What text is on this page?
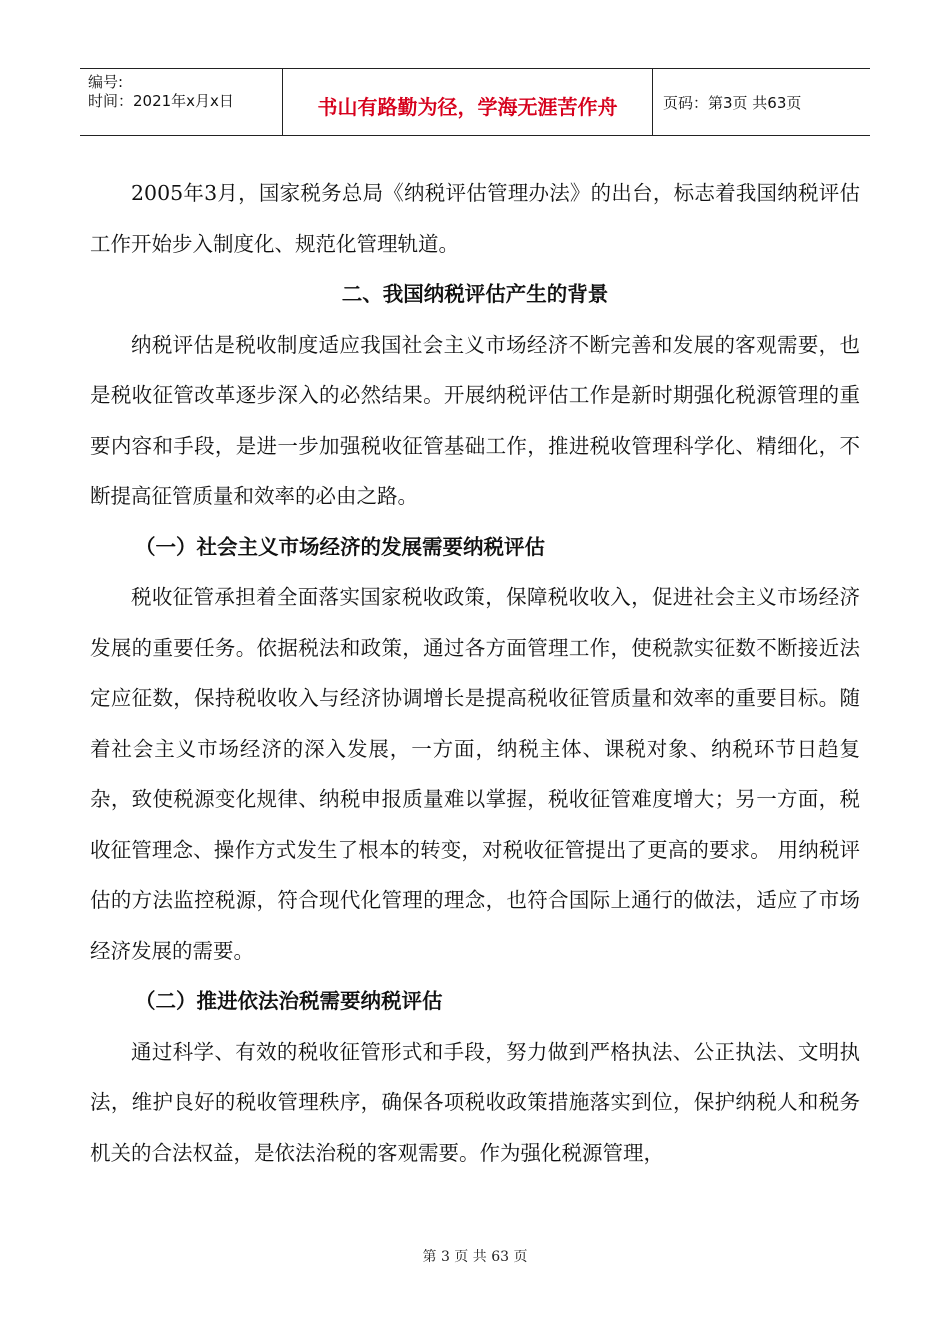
编号:
时间：2021年x月x日	书山有路勤为径，学海无涯苦作舟	页码：第3页 共63页

2005年3月，国家税务总局《纳税评估管理办法》的出台，标志着我国纳税评估工作开始步入制度化、规范化管理轨道。

二、我国纳税评估产生的背景

纳税评估是税收制度适应我国社会主义市场经济不断完善和发展的客观需要，也是税收征管改革逐步深入的必然结果。开展纳税评估工作是新时期强化税源管理的重要内容和手段，是进一步加强税收征管基础工作，推进税收管理科学化、精细化，不断提高征管质量和效率的必由之路。

（一）社会主义市场经济的发展需要纳税评估

税收征管承担着全面落实国家税收政策，保障税收收入，促进社会主义市场经济发展的重要任务。依据税法和政策，通过各方面管理工作，使税款实征数不断接近法定应征数，保持税收收入与经济协调增长是提高税收征管质量和效率的重要目标。随着社会主义市场经济的深入发展，一方面，纳税主体、课税对象、纳税环节日趋复杂，致使税源变化规律、纳税申报质量难以掌握，税收征管难度增大；另一方面，税收征管理念、操作方式发生了根本的转变，对税收征管提出了更高的要求。 用纳税评估的方法监控税源，符合现代化管理的理念，也符合国际上通行的做法，适应了市场经济发展的需要。

（二）推进依法治税需要纳税评估

通过科学、有效的税收征管形式和手段，努力做到严格执法、公正执法、文明执法，维护良好的税收管理秩序，确保各项税收政策措施落实到位，保护纳税人和税务机关的合法权益，是依法治税的客观需要。作为强化税源管理，

第 3 页 共 63 页
